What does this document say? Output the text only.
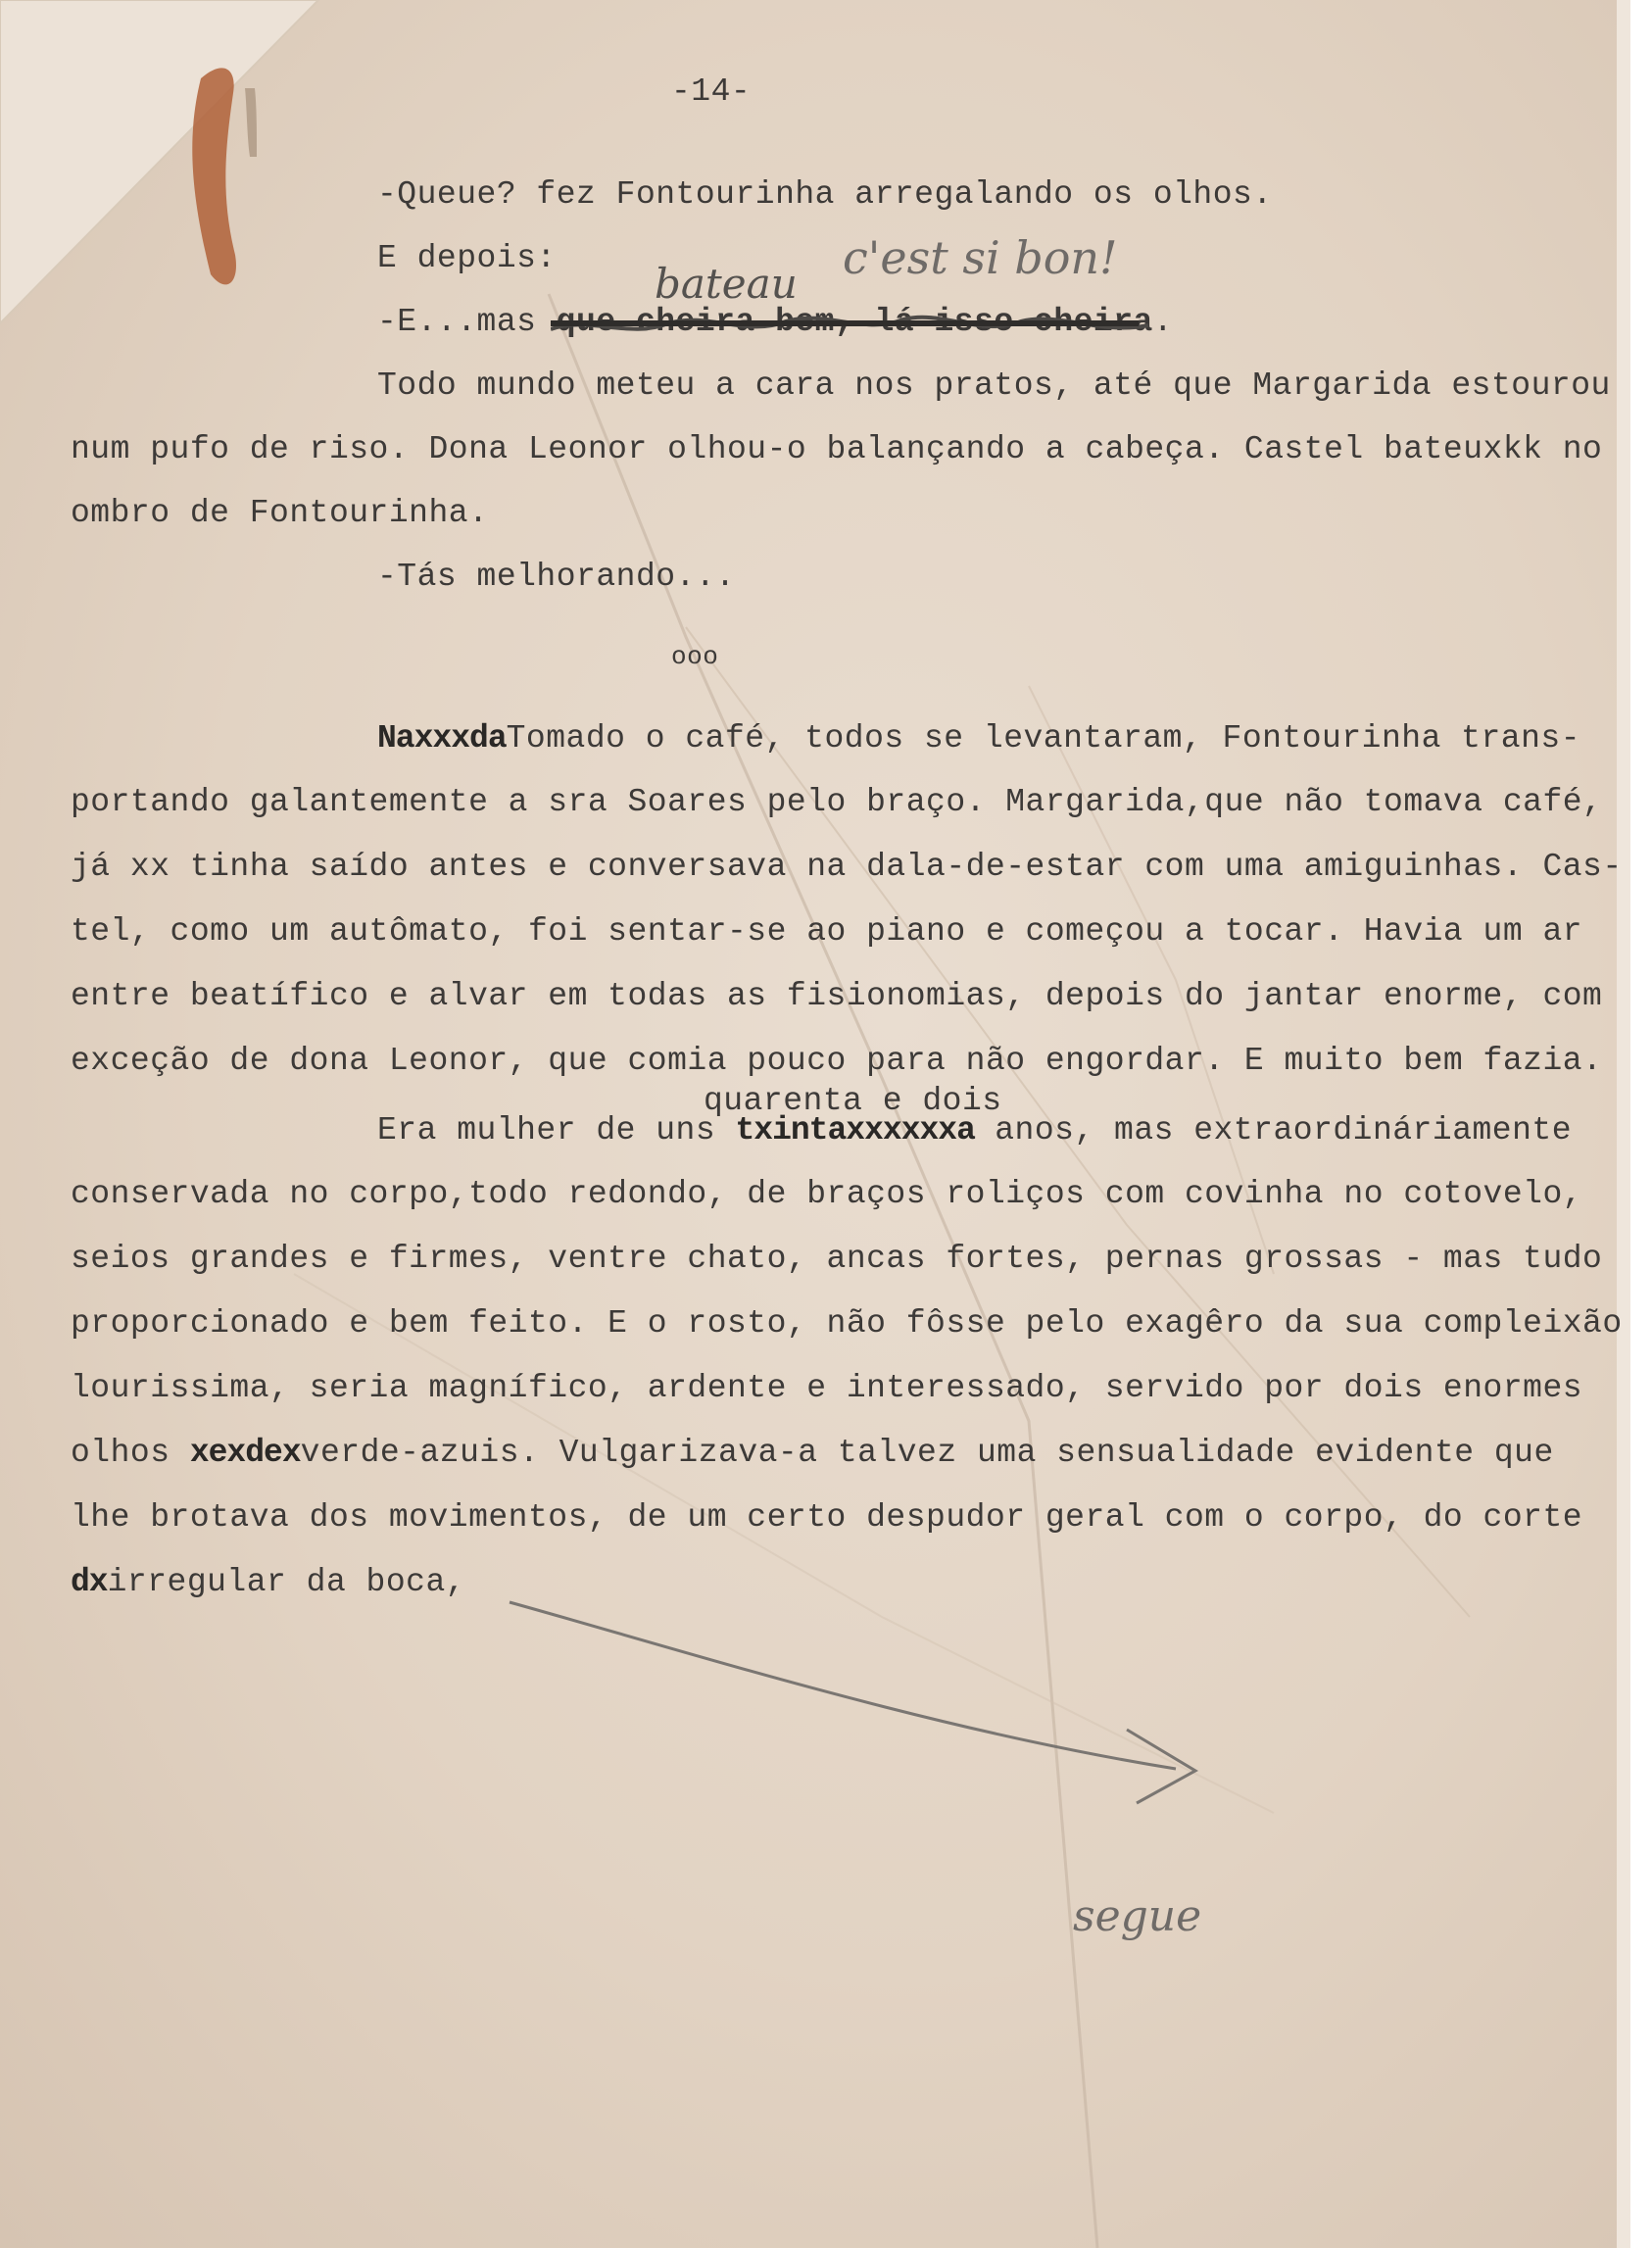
-14-
-Queue? fez Fontourinha arregalando os olhos.
E depois:	c'est si bon!
bateau
-E...mas que cheira bem, lá isso cheira
.
Todo mundo meteu a cara nos pratos, até que Margarida estourou
num pufo de riso. Dona Leonor olhou-o balançando a cabeça. Castel bateuxkk no
ombro de Fontourinha.
-Tás melhorando...
ooo
NaxxxdaTomado o café, todos se levantaram, Fontourinha trans-
portando galantemente a sra Soares pelo braço. Margarida,que não tomava café,
já xx tinha saído antes e conversava na dala-de-estar com uma amiguinhas. Cas-
tel, como um autômato, foi sentar-se ao piano e começou a tocar. Havia um ar
entre beatífico e alvar em todas as fisionomias, depois do jantar enorme, com
exceção de dona Leonor, que comia pouco para não engordar. E muito bem fazia.
quarenta e dois
Era mulher de uns txintaxxxxxxa anos, mas extraordináriamente
conservada no corpo,todo redondo, de braços roliços com covinha no cotovelo,
seios grandes e firmes, ventre chato, ancas fortes, pernas grossas - mas tudo
proporcionado e bem feito. E o rosto, não fôsse pelo exagêro da sua compleixão
lourissima, seria magnífico, ardente e interessado, servido por dois enormes
olhos xexdexverde-azuis. Vulgarizava-a talvez uma sensualidade evidente que
lhe brotava dos movimentos, de um certo despudor geral com o corpo, do corte
dxirregular da boca,
segue
